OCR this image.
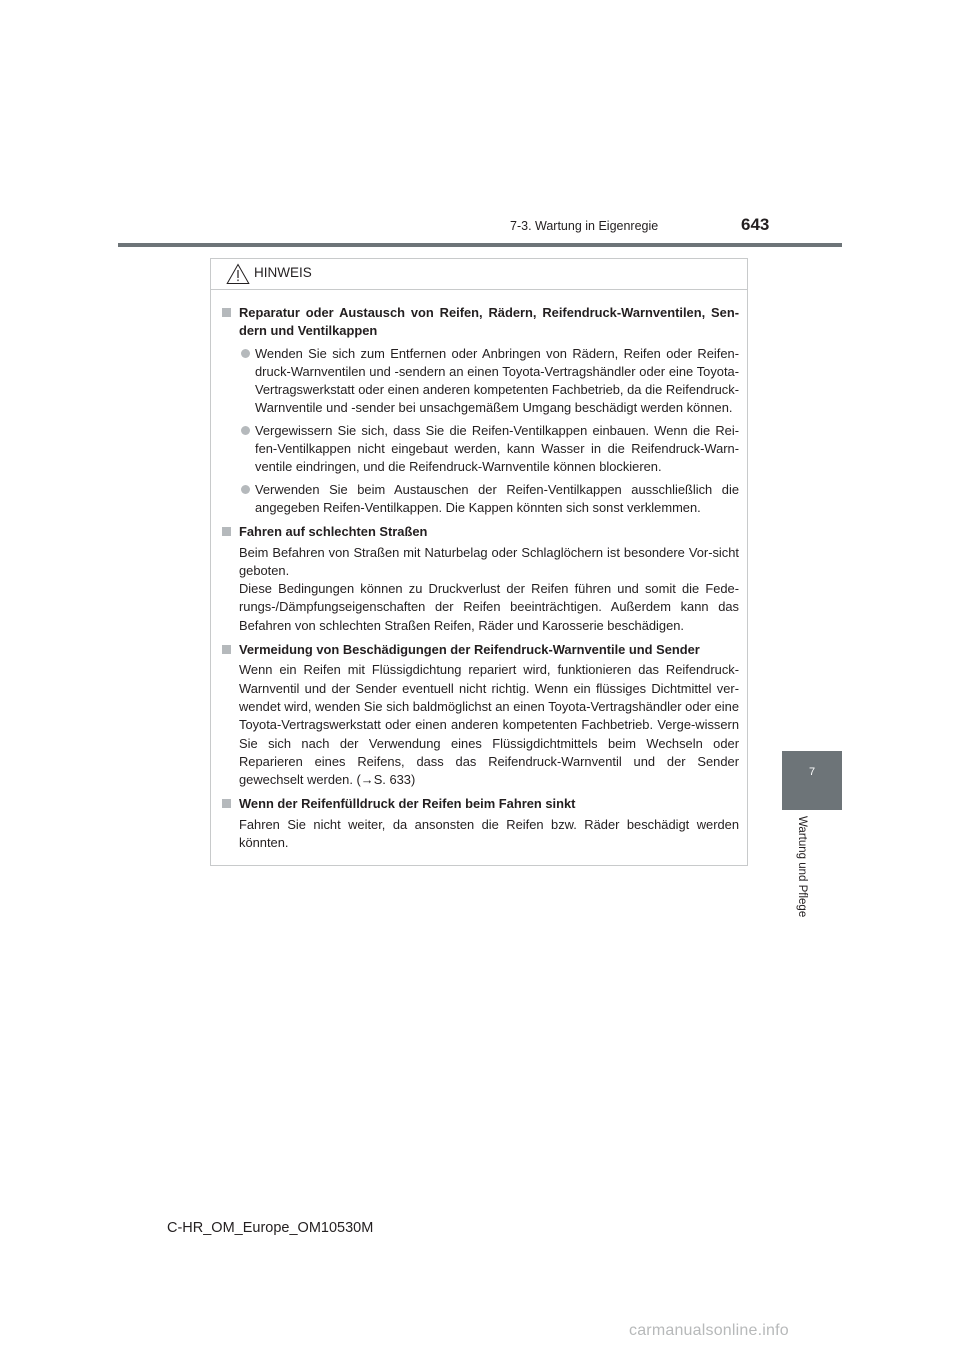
7-3. Wartung in Eigenregie	643
7
Wartung und Pflege
HINWEIS
Reparatur oder Austausch von Reifen, Rädern, Reifendruck-Warnventilen, Sen-dern und Ventilkappen
Wenden Sie sich zum Entfernen oder Anbringen von Rädern, Reifen oder Reifen-druck-Warnventilen und -sendern an einen Toyota-Vertragshändler oder eine Toyota-Vertragswerkstatt oder einen anderen kompetenten Fachbetrieb, da die Reifendruck-Warnventile und -sender bei unsachgemäßem Umgang beschädigt werden können.
Vergewissern Sie sich, dass Sie die Reifen-Ventilkappen einbauen. Wenn die Rei-fen-Ventilkappen nicht eingebaut werden, kann Wasser in die Reifendruck-Warn-ventile eindringen, und die Reifendruck-Warnventile können blockieren.
Verwenden Sie beim Austauschen der Reifen-Ventilkappen ausschließlich die angegeben Reifen-Ventilkappen. Die Kappen könnten sich sonst verklemmen.
Fahren auf schlechten Straßen
Beim Befahren von Straßen mit Naturbelag oder Schlaglöchern ist besondere Vor-sicht geboten.
Diese Bedingungen können zu Druckverlust der Reifen führen und somit die Fede-rungs-/Dämpfungseigenschaften der Reifen beeinträchtigen. Außerdem kann das Befahren von schlechten Straßen Reifen, Räder und Karosserie beschädigen.
Vermeidung von Beschädigungen der Reifendruck-Warnventile und Sender
Wenn ein Reifen mit Flüssigdichtung repariert wird, funktionieren das Reifendruck-Warnventil und der Sender eventuell nicht richtig. Wenn ein flüssiges Dichtmittel ver-wendet wird, wenden Sie sich baldmöglichst an einen Toyota-Vertragshändler oder eine Toyota-Vertragswerkstatt oder einen anderen kompetenten Fachbetrieb. Verge-wissern Sie sich nach der Verwendung eines Flüssigdichtmittels beim Wechseln oder Reparieren eines Reifens, dass das Reifendruck-Warnventil und der Sender gewechselt werden. (→S. 633)
Wenn der Reifenfülldruck der Reifen beim Fahren sinkt
Fahren Sie nicht weiter, da ansonsten die Reifen bzw. Räder beschädigt werden könnten.
C-HR_OM_Europe_OM10530M
carmanualsonline.info
